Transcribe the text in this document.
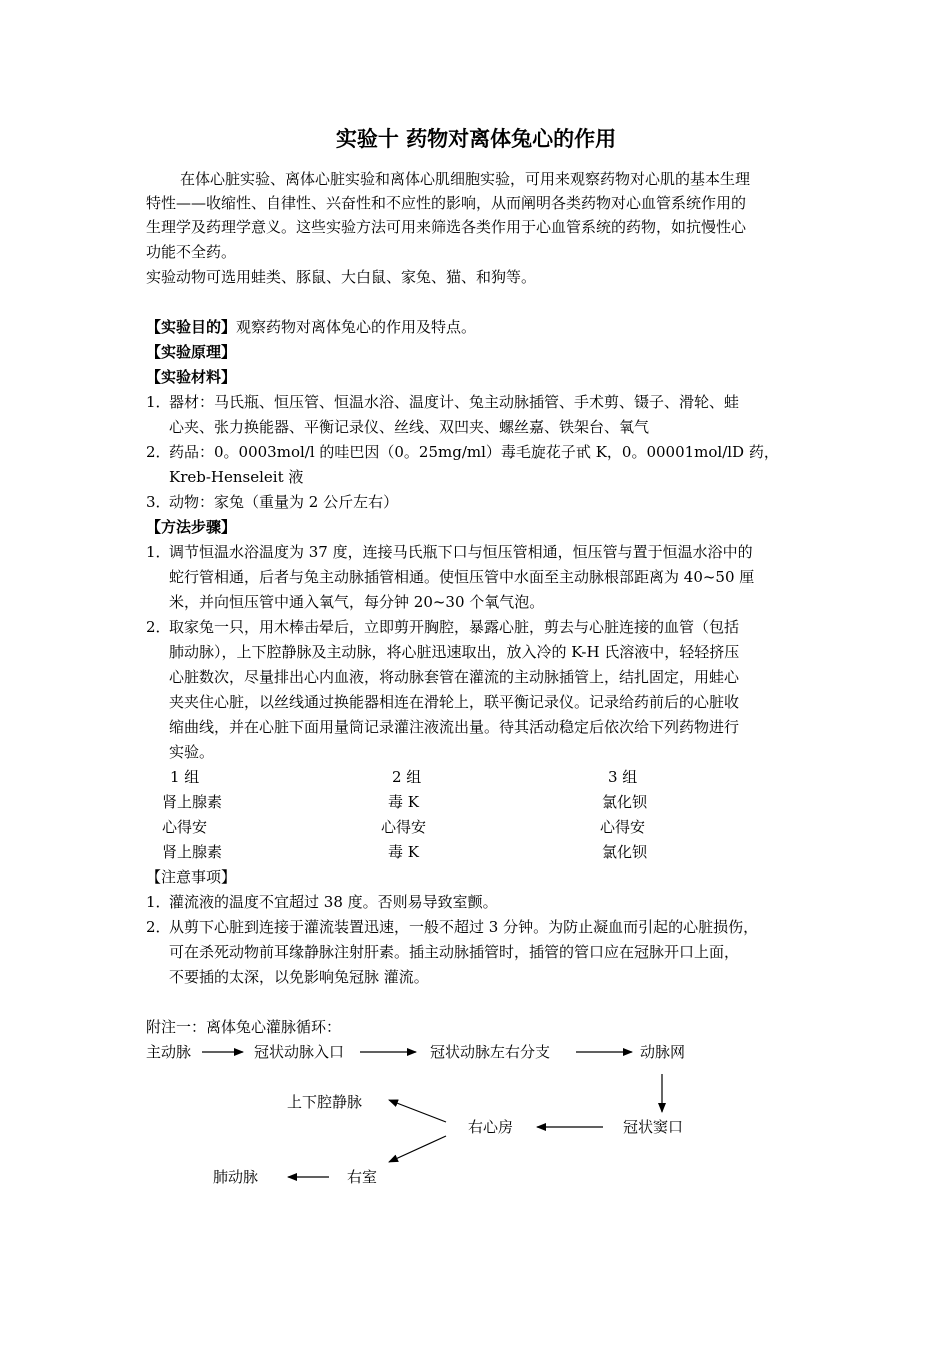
实验十 药物对离体兔心的作用
在体心脏实验、离体心脏实验和离体心肌细胞实验，可用来观察药物对心肌的基本生理
特性——收缩性、自律性、兴奋性和不应性的影响，从而阐明各类药物对心血管系统作用的
生理学及药理学意义。这些实验方法可用来筛选各类作用于心血管系统的药物，如抗慢性心
功能不全药。
实验动物可选用蛙类、豚鼠、大白鼠、家兔、猫、和狗等。
【实验目的】观察药物对离体兔心的作用及特点。
【实验原理】
【实验材料】
1．
器材：马氏瓶、恒压管、恒温水浴、温度计、兔主动脉插管、手术剪、镊子、滑轮、蛙
心夹、张力换能器、平衡记录仪、丝线、双凹夹、螺丝嘉、铁架台、氧气
2．
药品：0。0003mol/l 的哇巴因（0。25mg/ml）毒毛旋花子甙 K，0。00001mol/lD 药，
Kreb-Henseleit 液
3．
动物：家兔（重量为 2 公斤左右）
【方法步骤】
1．
调节恒温水浴温度为 37 度，连接马氏瓶下口与恒压管相通，恒压管与置于恒温水浴中的
蛇行管相通，后者与兔主动脉插管相通。使恒压管中水面至主动脉根部距离为 40~50 厘
米，并向恒压管中通入氧气，每分钟 20~30 个氧气泡。
2．
取家兔一只，用木棒击晕后，立即剪开胸腔，暴露心脏，剪去与心脏连接的血管（包括
肺动脉），上下腔静脉及主动脉，将心脏迅速取出，放入冷的 K-H 氏溶液中，轻轻挤压
心脏数次，尽量排出心内血液，将动脉套管在灌流的主动脉插管上，结扎固定，用蛙心
夹夹住心脏，以丝线通过换能器相连在滑轮上，联平衡记录仪。记录给药前后的心脏收
缩曲线，并在心脏下面用量筒记录灌注液流出量。待其活动稳定后依次给下列药物进行
实验。
1 组	2 组	3 组
肾上腺素	毒 K	氯化钡
心得安	心得安	心得安
肾上腺素	毒 K	氯化钡
【注意事项】
1．
灌流液的温度不宜超过 38 度。否则易导致室颤。
2．
从剪下心脏到连接于灌流装置迅速，一般不超过 3 分钟。为防止凝血而引起的心脏损伤，
可在杀死动物前耳缘静脉注射肝素。插主动脉插管时，插管的管口应在冠脉开口上面，
不要插的太深，以免影响兔冠脉 灌流。
附注一：离体兔心灌脉循环：
主动脉	冠状动脉入口	冠状动脉左右分支	动脉网
上下腔静脉
右心房	冠状窦口
肺动脉	右室
